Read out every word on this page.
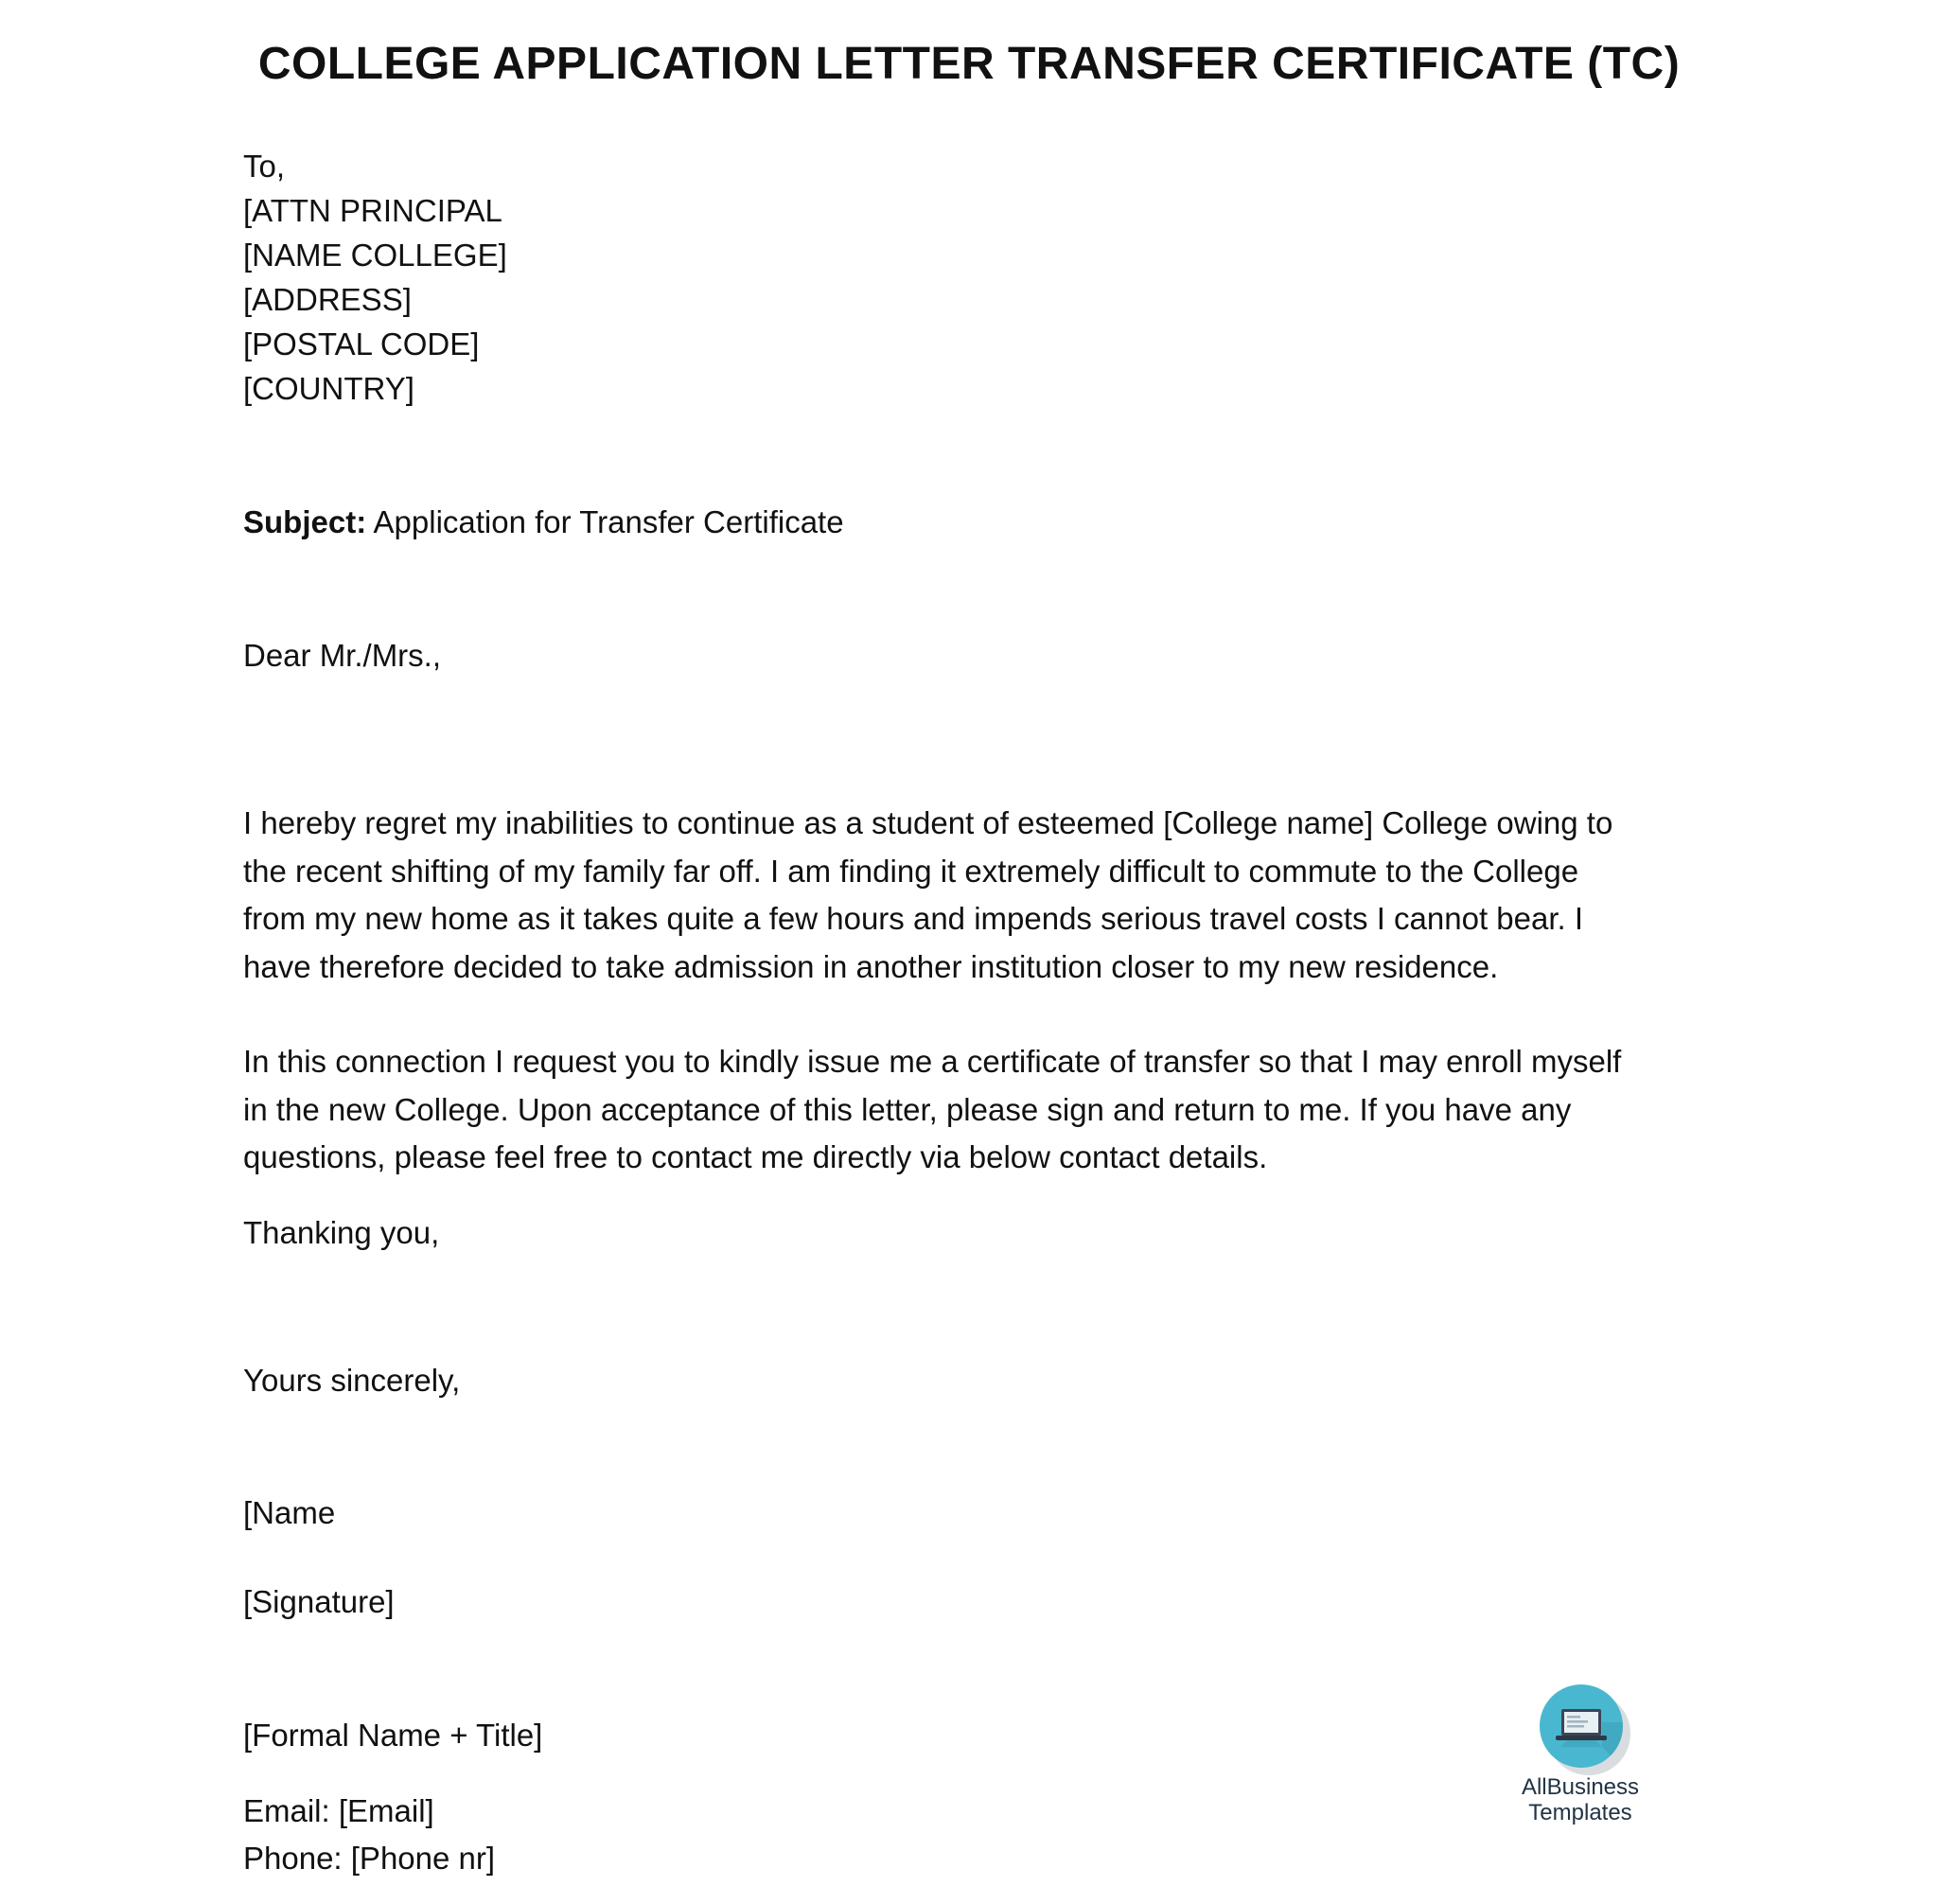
COLLEGE APPLICATION LETTER TRANSFER CERTIFICATE (TC)
To,
[ATTN PRINCIPAL
[NAME COLLEGE]
[ADDRESS]
[POSTAL CODE]
[COUNTRY]
Subject: Application for Transfer Certificate
Dear Mr./Mrs.,
I hereby regret my inabilities to continue as a student of esteemed [College name] College owing to
the recent shifting of my family far off. I am finding it extremely difficult to commute to the College
from my new home as it takes quite a few hours and impends serious travel costs I cannot bear. I
have therefore decided to take admission in another institution closer to my new residence.
In this connection I request you to kindly issue me a certificate of transfer so that I may enroll myself
in the new College. Upon acceptance of this letter, please sign and return to me. If you have any
questions, please feel free to contact me directly via below contact details.
Thanking you,
Yours sincerely,
[Name
[Signature]
[Formal Name + Title]
Email: [Email]
Phone: [Phone nr]
AllBusiness
Templates
